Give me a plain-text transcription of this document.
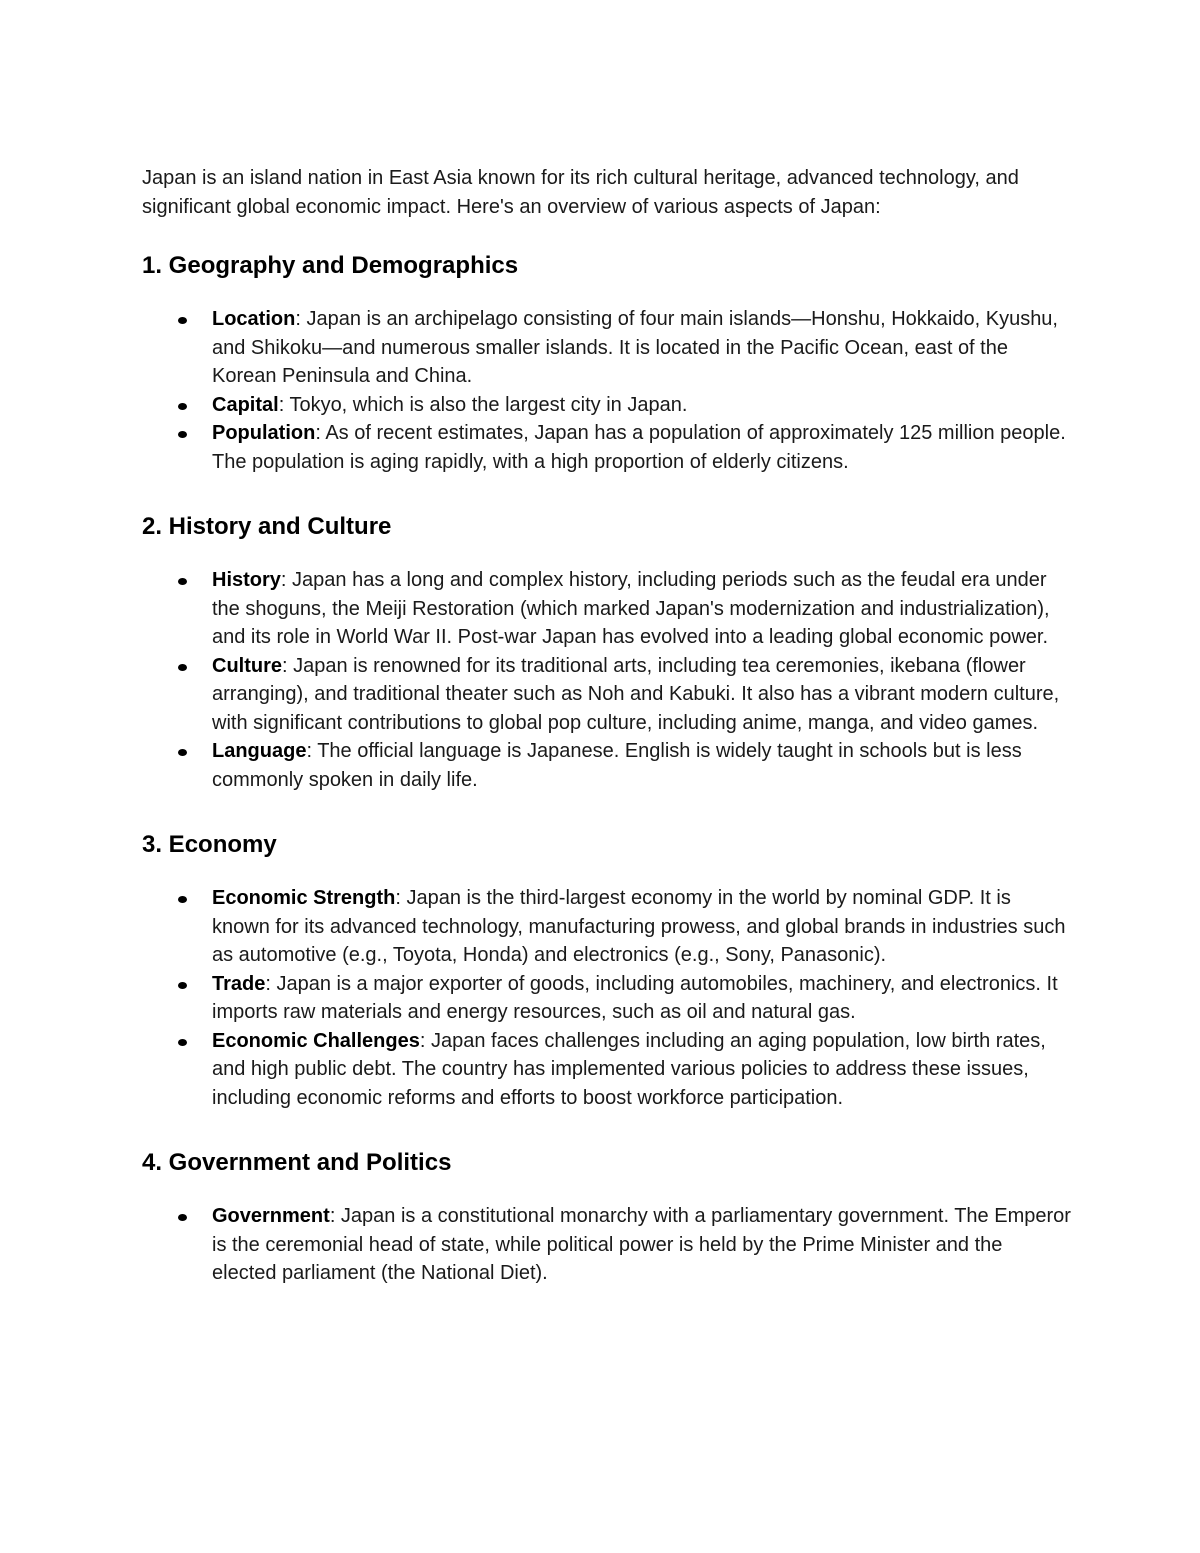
Japan is an island nation in East Asia known for its rich cultural heritage, advanced technology, and significant global economic impact. Here's an overview of various aspects of Japan:

1. Geography and Demographics
Location: Japan is an archipelago consisting of four main islands—Honshu, Hokkaido, Kyushu, and Shikoku—and numerous smaller islands. It is located in the Pacific Ocean, east of the Korean Peninsula and China.
Capital: Tokyo, which is also the largest city in Japan.
Population: As of recent estimates, Japan has a population of approximately 125 million people. The population is aging rapidly, with a high proportion of elderly citizens.
2. History and Culture
History: Japan has a long and complex history, including periods such as the feudal era under the shoguns, the Meiji Restoration (which marked Japan's modernization and industrialization), and its role in World War II. Post-war Japan has evolved into a leading global economic power.
Culture: Japan is renowned for its traditional arts, including tea ceremonies, ikebana (flower arranging), and traditional theater such as Noh and Kabuki. It also has a vibrant modern culture, with significant contributions to global pop culture, including anime, manga, and video games.
Language: The official language is Japanese. English is widely taught in schools but is less commonly spoken in daily life.
3. Economy
Economic Strength: Japan is the third-largest economy in the world by nominal GDP. It is known for its advanced technology, manufacturing prowess, and global brands in industries such as automotive (e.g., Toyota, Honda) and electronics (e.g., Sony, Panasonic).
Trade: Japan is a major exporter of goods, including automobiles, machinery, and electronics. It imports raw materials and energy resources, such as oil and natural gas.
Economic Challenges: Japan faces challenges including an aging population, low birth rates, and high public debt. The country has implemented various policies to address these issues, including economic reforms and efforts to boost workforce participation.
4. Government and Politics
Government: Japan is a constitutional monarchy with a parliamentary government. The Emperor is the ceremonial head of state, while political power is held by the Prime Minister and the elected parliament (the National Diet).
